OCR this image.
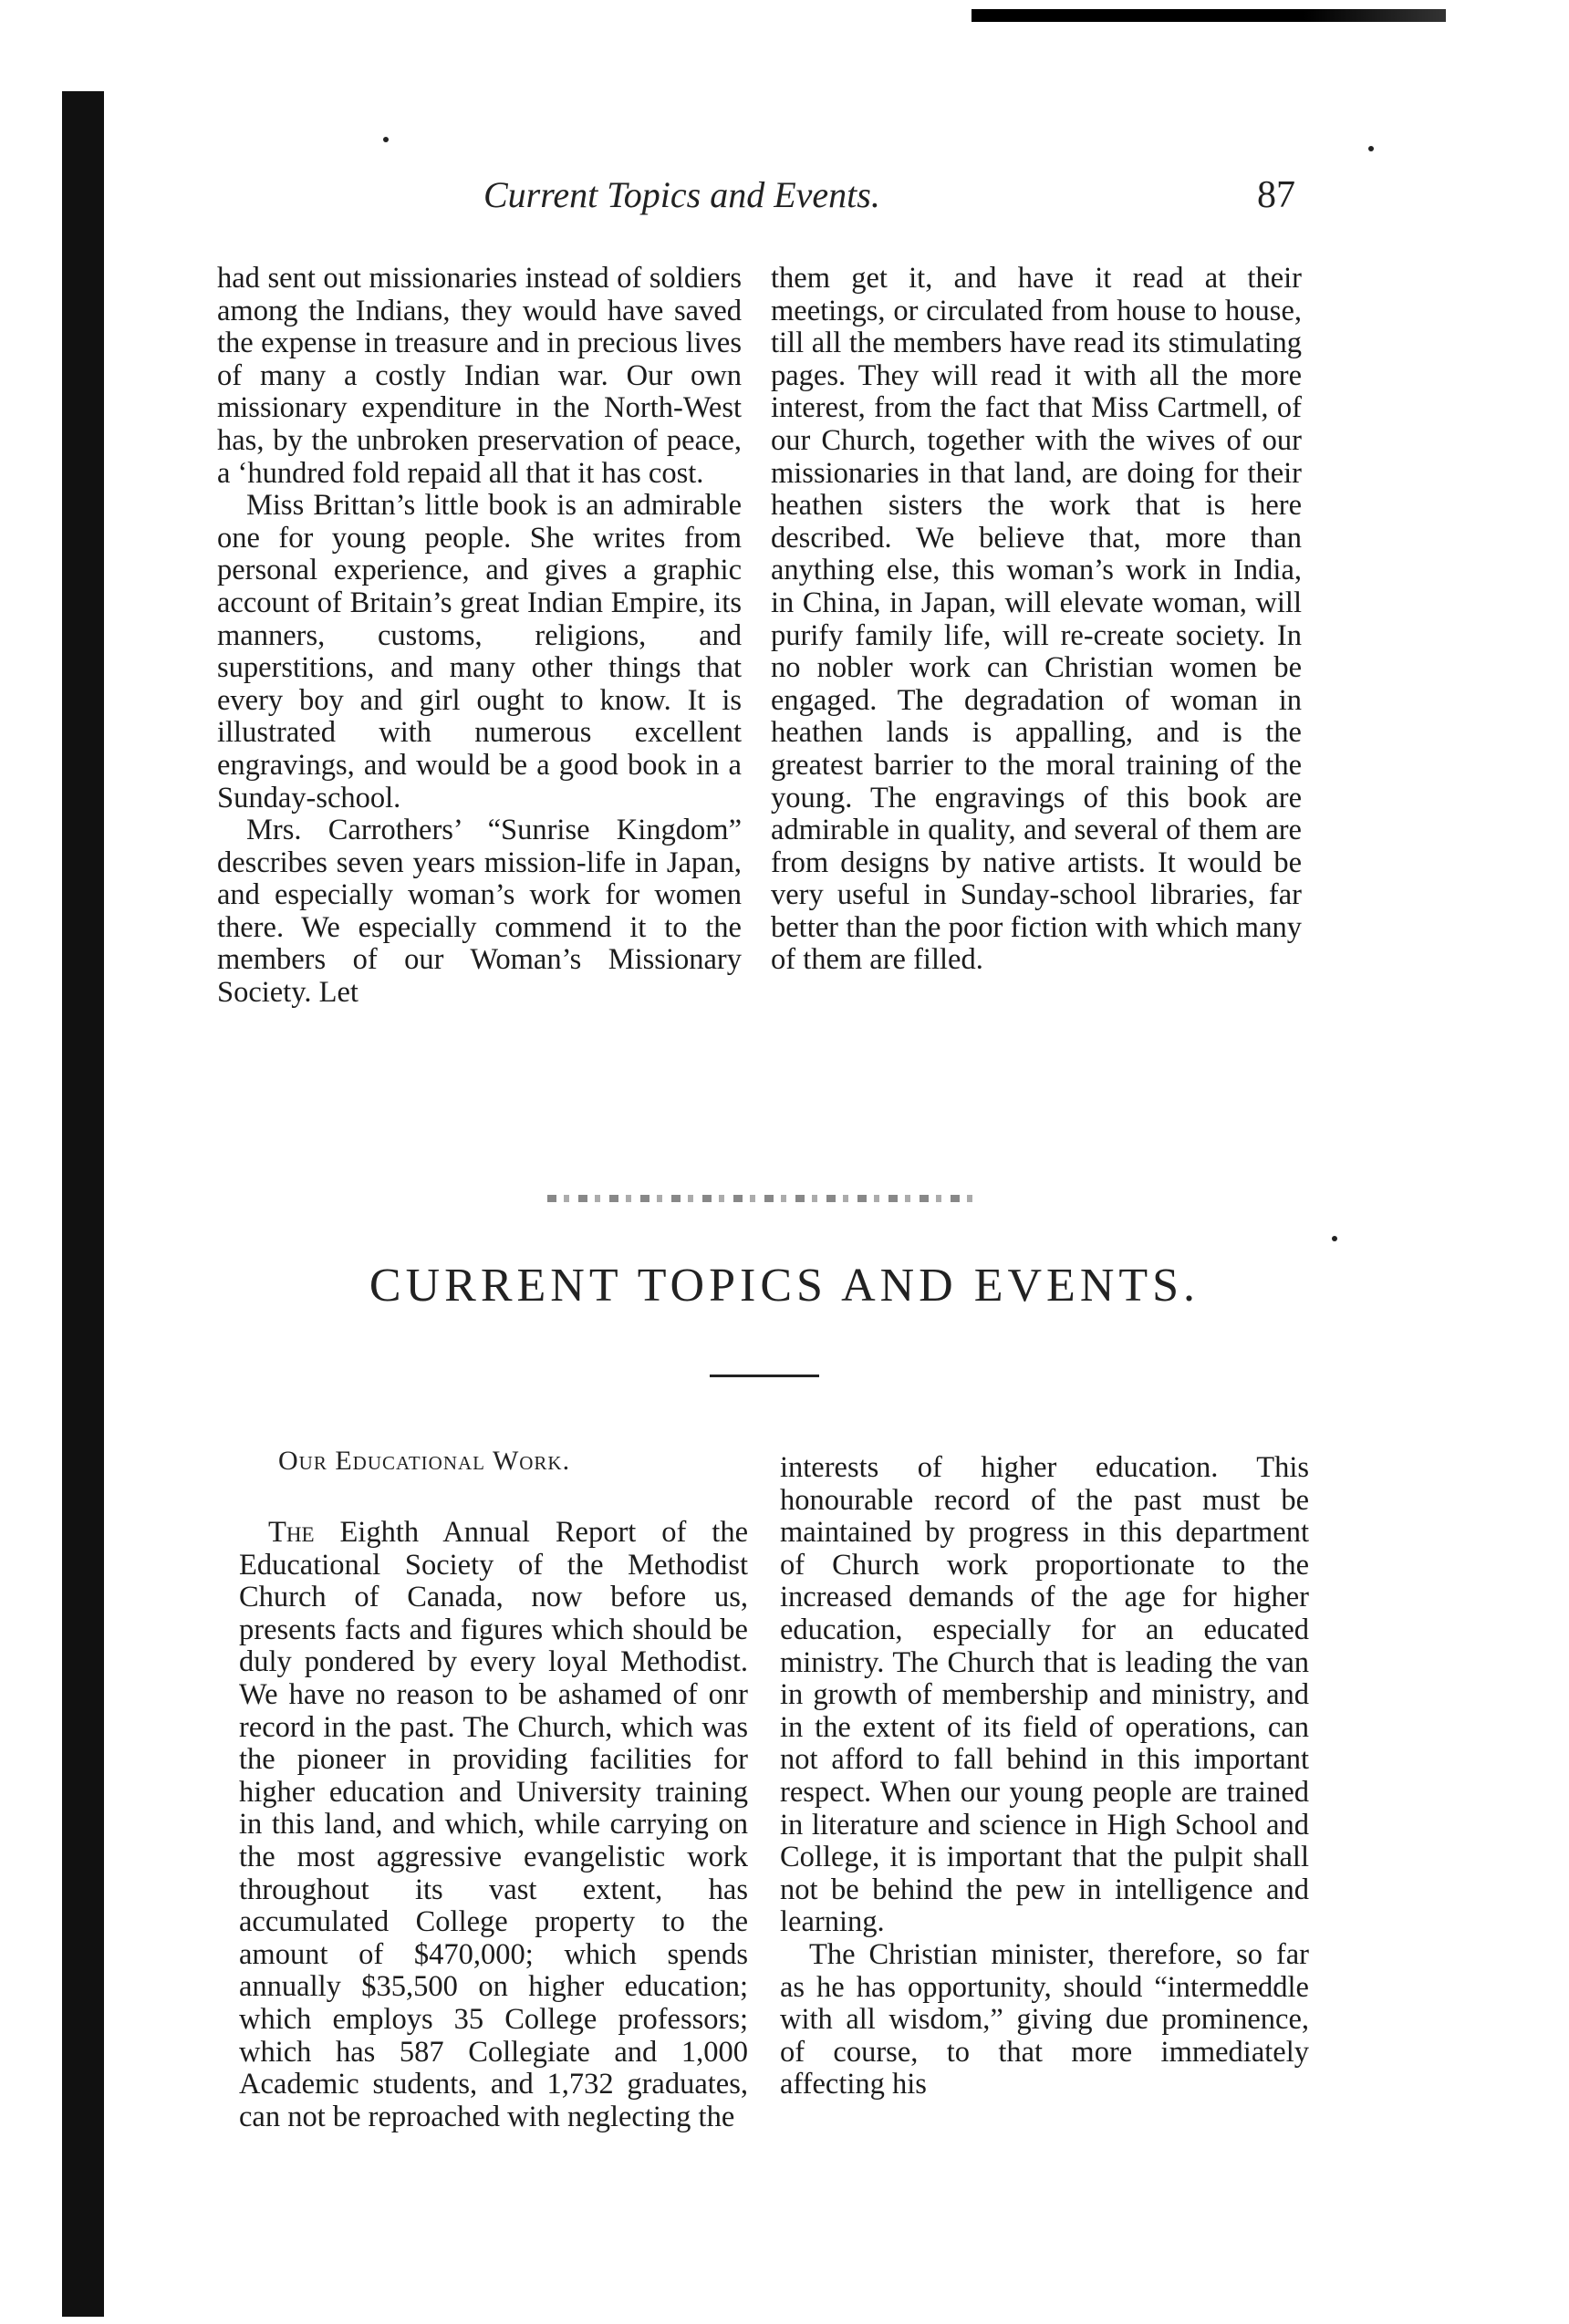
Current Topics and Events.	87

had sent out missionaries instead of soldiers among the Indians, they would have saved the expense in treasure and in precious lives of many a costly Indian war. Our own missionary expenditure in the North-West has, by the unbroken preservation of peace, a ‘hundred fold repaid all that it has cost.

Miss Brittan’s little book is an admirable one for young people. She writes from personal experience, and gives a graphic account of Britain’s great Indian Empire, its manners, customs, religions, and superstitions, and many other things that every boy and girl ought to know. It is illustrated with numerous excellent engravings, and would be a good book in a Sunday-school.

Mrs. Carrothers’ “Sunrise Kingdom” describes seven years mission-life in Japan, and especially woman’s work for women there. We especially commend it to the members of our Woman’s Missionary Society. Let

them get it, and have it read at their meetings, or circulated from house to house, till all the members have read its stimulating pages. They will read it with all the more interest, from the fact that Miss Cartmell, of our Church, together with the wives of our missionaries in that land, are doing for their heathen sisters the work that is here described. We believe that, more than anything else, this woman’s work in India, in China, in Japan, will elevate woman, will purify family life, will re-create society. In no nobler work can Christian women be engaged. The degradation of woman in heathen lands is appalling, and is the greatest barrier to the moral training of the young. The engravings of this book are admirable in quality, and several of them are from designs by native artists. It would be very useful in Sunday-school libraries, far better than the poor fiction with which many of them are filled.

CURRENT TOPICS AND EVENTS.
Our Educational Work.

The Eighth Annual Report of the Educational Society of the Methodist Church of Canada, now before us, presents facts and figures which should be duly pondered by every loyal Methodist. We have no reason to be ashamed of onr record in the past. The Church, which was the pioneer in providing facilities for higher education and University training in this land, and which, while carrying on the most aggressive evangelistic work throughout its vast extent, has accumulated College property to the amount of $470,000; which spends annually $35,500 on higher education; which employs 35 College professors; which has 587 Collegiate and 1,000 Academic students, and 1,732 graduates, can not be reproached with neglecting the

interests of higher education. This honourable record of the past must be maintained by progress in this department of Church work proportionate to the increased demands of the age for higher education, especially for an educated ministry. The Church that is leading the van in growth of membership and ministry, and in the extent of its field of operations, can not afford to fall behind in this important respect. When our young people are trained in literature and science in High School and College, it is important that the pulpit shall not be behind the pew in intelligence and learning.

The Christian minister, therefore, so far as he has opportunity, should “intermeddle with all wisdom,” giving due prominence, of course, to that more immediately affecting his
